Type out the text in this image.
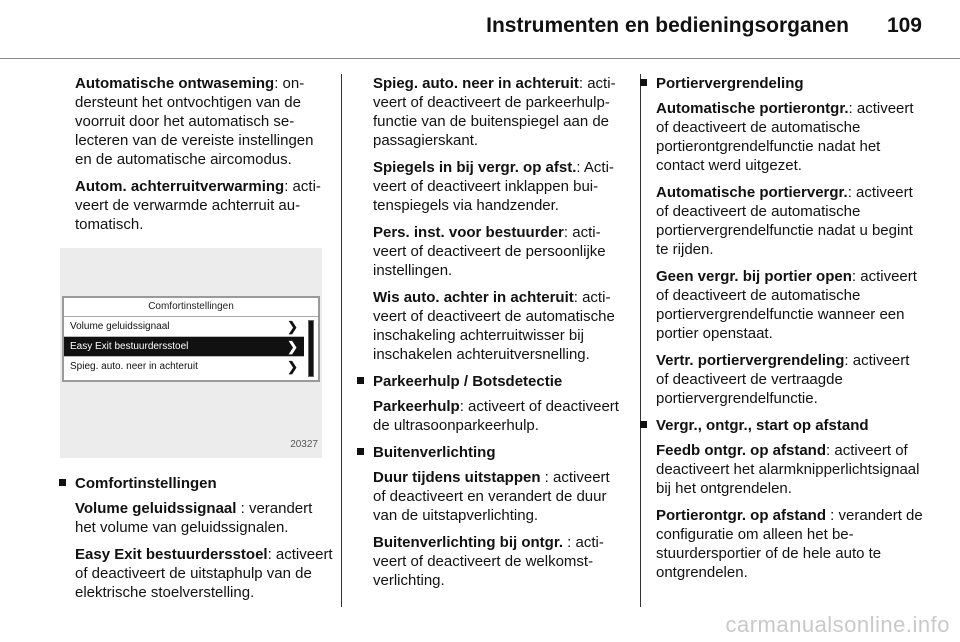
Instrumenten en bedieningsorganen 109

Automatische ontwaseming: ondersteunt het ontvochtigen van de voorruit door het automatisch selecteren van de vereiste instellingen en de automatische aircomodus.

Autom. achterruitverwarming: activeert de verwarmde achterruit automatisch.

Comfortinstellingen
Volume geluidssignaal	❯
Easy Exit bestuurdersstoel	❯
Spieg. auto. neer in achteruit	❯
20327
Comfortinstellingen

Volume geluidssignaal : verandert het volume van geluidssignalen.

Easy Exit bestuurdersstoel: activeert of deactiveert de uitstaphulp van de elektrische stoelverstelling.

Spieg. auto. neer in achteruit: activeert of deactiveert de parkeerhulpfunctie van de buitenspiegel aan de passagierskant.

Spiegels in bij vergr. op afst.: Activeert of deactiveert inklappen buitenspiegels via handzender.

Pers. inst. voor bestuurder: activeert of deactiveert de persoonlijke instellingen.

Wis auto. achter in achteruit: activeert of deactiveert de automatische inschakeling achterruitwisser bij inschakelen achteruitversnelling.

Parkeerhulp / Botsdetectie

Parkeerhulp: activeert of deactiveert de ultrasoonparkeerhulp.

Buitenverlichting

Duur tijdens uitstappen : activeert of deactiveert en verandert de duur van de uitstapverlichting.

Buitenverlichting bij ontgr. : activeert of deactiveert de welkomstverlichting.

Portiervergrendeling

Automatische portierontgr.: activeert of deactiveert de automatische portierontgrendelfunctie nadat het contact werd uitgezet.

Automatische portiervergr.: activeert of deactiveert de automatische portiervergrendelfunctie nadat u begint te rijden.

Geen vergr. bij portier open: activeert of deactiveert de automatische portiervergrendelfunctie wanneer een portier openstaat.

Vertr. portiervergrendeling: activeert of deactiveert de vertraagde portiervergrendelfunctie.

Vergr., ontgr., start op afstand

Feedb ontgr. op afstand: activeert of deactiveert het alarmknipperlichtsignaal bij het ontgrendelen.

Portierontgr. op afstand : verandert de configuratie om alleen het bestuurdersportier of de hele auto te ontgrendelen.

carmanualsonline.info
